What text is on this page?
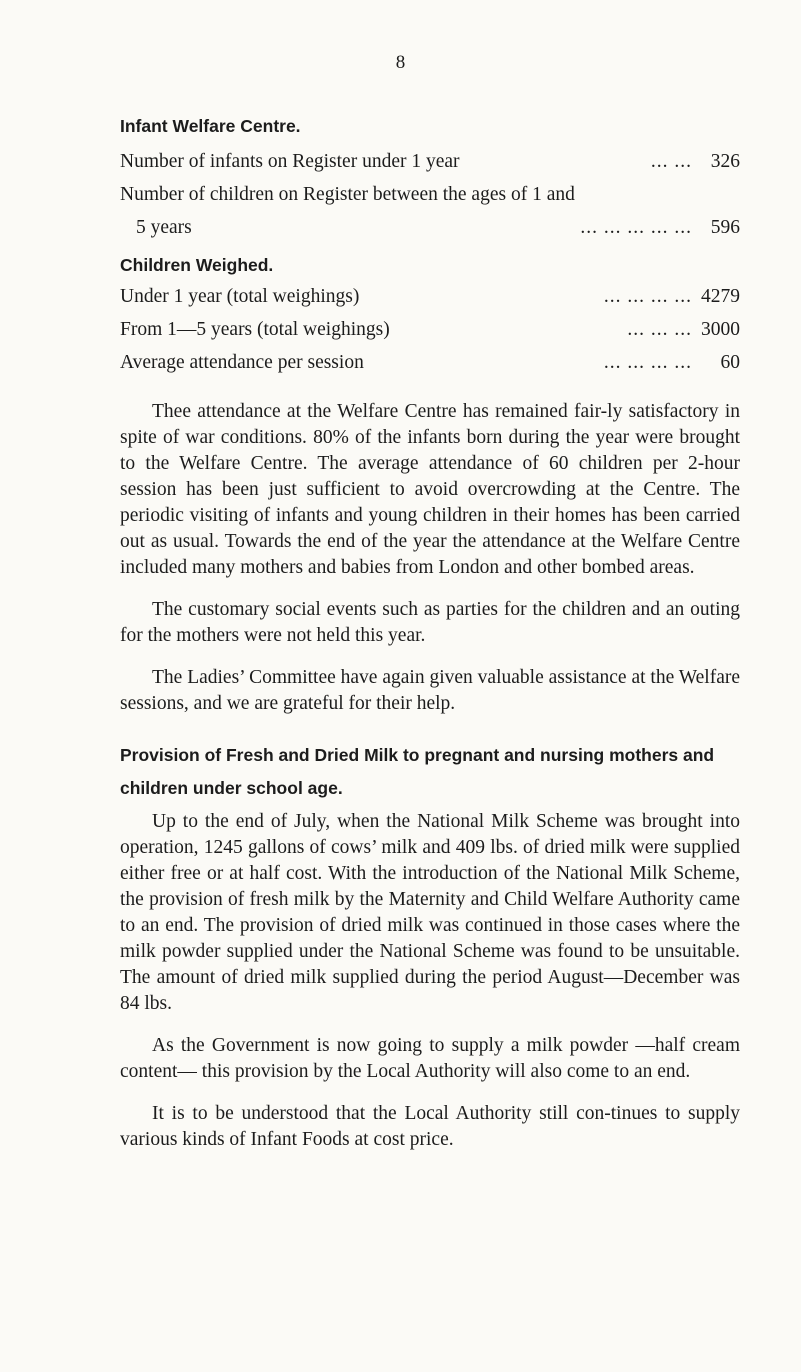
8
Infant Welfare Centre.
Number of infants on Register under 1 year	... ... 326
Number of children on Register between the ages of 1 and
5 years	... ... ... ... ... 596
Children Weighed.
Under 1 year (total weighings)	... ... ... ... 4279
From 1—5 years (total weighings)	... ... ... 3000
Average attendance per session	... ... ... ...	60

Thee attendance at the Welfare Centre has remained fair-ly satisfactory in spite of war conditions. 80% of the infants born during the year were brought to the Welfare Centre. The average attendance of 60 children per 2-hour session has been just sufficient to avoid overcrowding at the Centre. The periodic visiting of infants and young children in their homes has been carried out as usual. Towards the end of the year the attendance at the Welfare Centre included many mothers and babies from London and other bombed areas.

The customary social events such as parties for the children and an outing for the mothers were not held this year.

The Ladies’ Committee have again given valuable assistance at the Welfare sessions, and we are grateful for their help.

Provision of Fresh and Dried Milk to pregnant and nursing mothers and children under school age.

Up to the end of July, when the National Milk Scheme was brought into operation, 1245 gallons of cows’ milk and 409 lbs. of dried milk were supplied either free or at half cost. With the introduction of the National Milk Scheme, the provision of fresh milk by the Maternity and Child Welfare Authority came to an end. The provision of dried milk was continued in those cases where the milk powder supplied under the National Scheme was found to be unsuitable. The amount of dried milk supplied during the period August—December was 84 lbs.

As the Government is now going to supply a milk powder —half cream content— this provision by the Local Authority will also come to an end.

It is to be understood that the Local Authority still con-tinues to supply various kinds of Infant Foods at cost price.
